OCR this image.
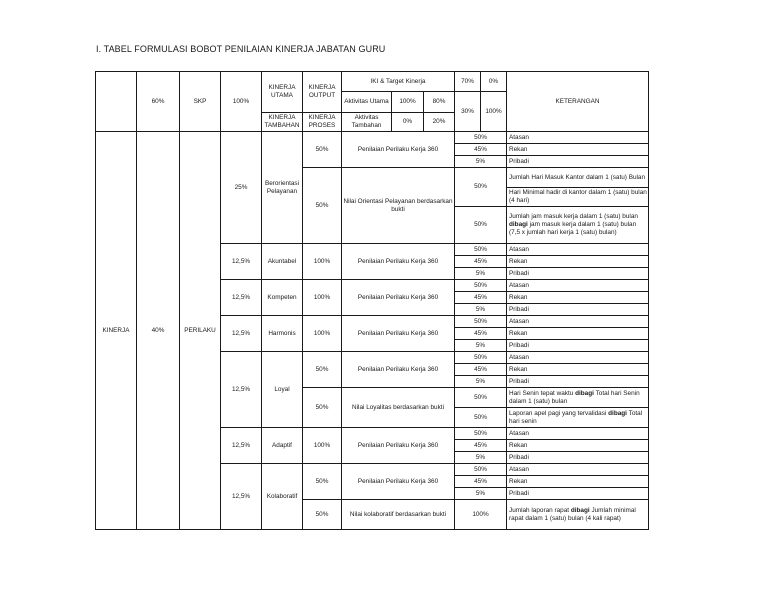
I. TABEL FORMULASI BOBOT PENILAIAN KINERJA JABATAN GURU
	60%	SKP	100%	KINERJA UTAMA	KINERJA OUTPUT	IKI & Target Kinerja			70%	0%	KETERANGAN
						Aktivitas Utama	100%	80%	30%	100%	
				KINERJA TAMBAHAN	KINERJA PROSES	Aktivitas Tambahan	0%	20%			

KINERJA	40%	PERILAKU	25%	Berorientasi Pelayanan	50%	Penilaian Perilaku Kerja 360			50%		Atasan
									45%		Rekan
									5%		Pribadi
					50%	Nilai Orientasi Pelayanan berdasarkan bukti			50%		Jumlah Hari Masuk Kantor dalam 1 (satu) Bulan
											Hari Minimal hadir di kantor dalam 1 (satu) bulan (4 hari)
									50%		Jumlah jam masuk kerja dalam 1 (satu) bulan dibagi jam masuk kerja dalam 1 (satu) bulan (7,5 x jumlah hari kerja 1 (satu) bulan)
			12,5%	Akuntabel	100%	Penilaian Perilaku Kerja 360			50%		Atasan
									45%		Rekan
									5%		Pribadi
			12,5%	Kompeten	100%	Penilaian Perilaku Kerja 360			50%		Atasan
									45%		Rekan
									5%		Pribadi
			12,5%	Harmonis	100%	Penilaian Perilaku Kerja 360			50%		Atasan
									45%		Rekan
									5%		Pribadi
			12,5%	Loyal	50%	Penilaian Perilaku Kerja 360			50%		Atasan
									45%		Rekan
									5%		Pribadi
					50%	Nilai Loyalitas berdasarkan bukti			50%		Hari Senin tepat waktu dibagi Total hari Senin dalam 1 (satu) bulan
									50%		Laporan apel pagi yang tervalidasi dibagi Total hari senin
			12,5%	Adaptif	100%	Penilaian Perilaku Kerja 360			50%		Atasan
									45%		Rekan
									5%		Pribadi
			12,5%	Kolaboratif	50%	Penilaian Perilaku Kerja 360			50%		Atasan
									45%		Rekan
									5%		Pribadi
					50%	Nilai kolaboratif berdasarkan bukti			100%		Jumlah laporan rapat dibagi Jumlah minimal rapat dalam 1 (satu) bulan (4 kali rapat)
